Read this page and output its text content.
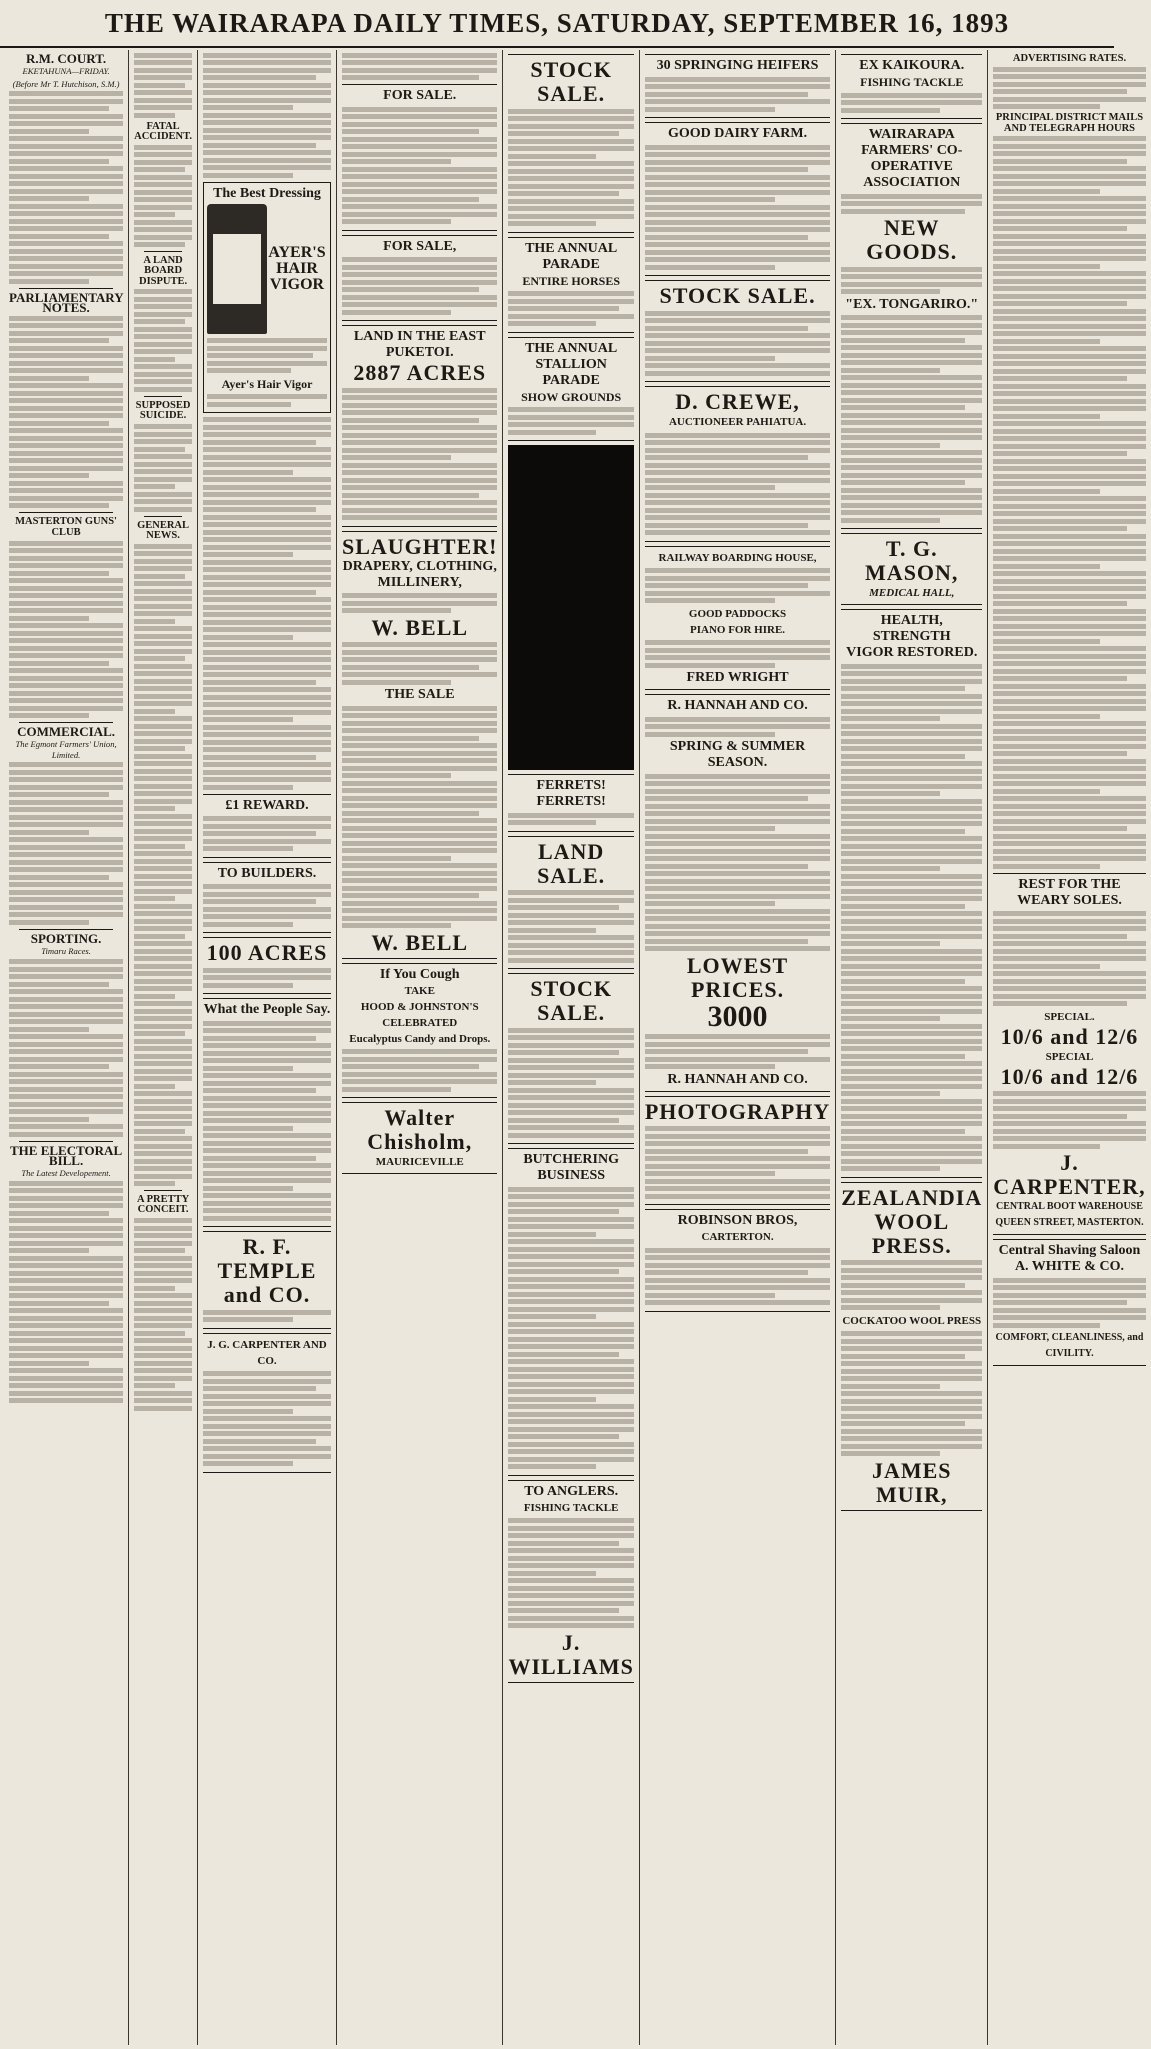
THE WAIRARAPA DAILY TIMES, SATURDAY, SEPTEMBER 16, 1893
R.M. COURT.
EKETAHUNA—FRIDAY.
(Before Mr T. Hutchison, S.M.)
PARLIAMENTARY NOTES.
MASTERTON GUNS' CLUB
COMMERCIAL.
The Egmont Farmers' Union, Limited.
SPORTING.
Timaru Races.
THE ELECTORAL BILL.
The Latest Developement.
FATAL ACCIDENT.
A LAND BOARD DISPUTE.
SUPPOSED SUICIDE.
GENERAL NEWS.
A PRETTY CONCEIT.
The Best Dressing
AYER'S HAIR VIGOR
Ayer's Hair Vigor
£1 REWARD.
TO BUILDERS.
100 ACRES
What the People Say.
R. F. TEMPLE and CO.
J. G. CARPENTER AND CO.
FOR SALE.
FOR SALE,
LAND IN THE EAST PUKETOI.
2887 ACRES
SLAUGHTER!
DRAPERY, CLOTHING, MILLINERY,
W. BELL
THE SALE
W. BELL
If You Cough
TAKE
HOOD & JOHNSTON'S CELEBRATED
Eucalyptus Candy and Drops.
Walter Chisholm,
MAURICEVILLE
STOCK SALE.
THE ANNUAL PARADE
ENTIRE HORSES
THE ANNUAL STALLION PARADE
SHOW GROUNDS
FERRETS! FERRETS!
LAND SALE.
STOCK SALE.
BUTCHERING BUSINESS
TO ANGLERS.
FISHING TACKLE
J. WILLIAMS
30 SPRINGING HEIFERS
GOOD DAIRY FARM.
STOCK SALE.
D. CREWE,
AUCTIONEER PAHIATUA.
RAILWAY BOARDING HOUSE,
GOOD PADDOCKS
PIANO FOR HIRE.
FRED WRIGHT
R. HANNAH AND CO.
SPRING & SUMMER SEASON.
LOWEST PRICES.
3000
R. HANNAH AND CO.
PHOTOGRAPHY
ROBINSON BROS,
CARTERTON.
EX KAIKOURA.
FISHING TACKLE
WAIRARAPA FARMERS' CO-OPERATIVE ASSOCIATION
NEW GOODS.
"EX. TONGARIRO."
T. G. MASON,
MEDICAL HALL,
HEALTH, STRENGTH
VIGOR RESTORED.
ZEALANDIA
WOOL PRESS.
COCKATOO WOOL PRESS
JAMES MUIR,
ADVERTISING RATES.
PRINCIPAL DISTRICT MAILS AND TELEGRAPH HOURS
REST FOR THE WEARY SOLES.
SPECIAL.
10/6 and 12/6
SPECIAL
10/6 and 12/6
J. CARPENTER,
CENTRAL BOOT WAREHOUSE
QUEEN STREET, MASTERTON.
Central Shaving Saloon
A. WHITE & CO.
COMFORT, CLEANLINESS, and CIVILITY.
